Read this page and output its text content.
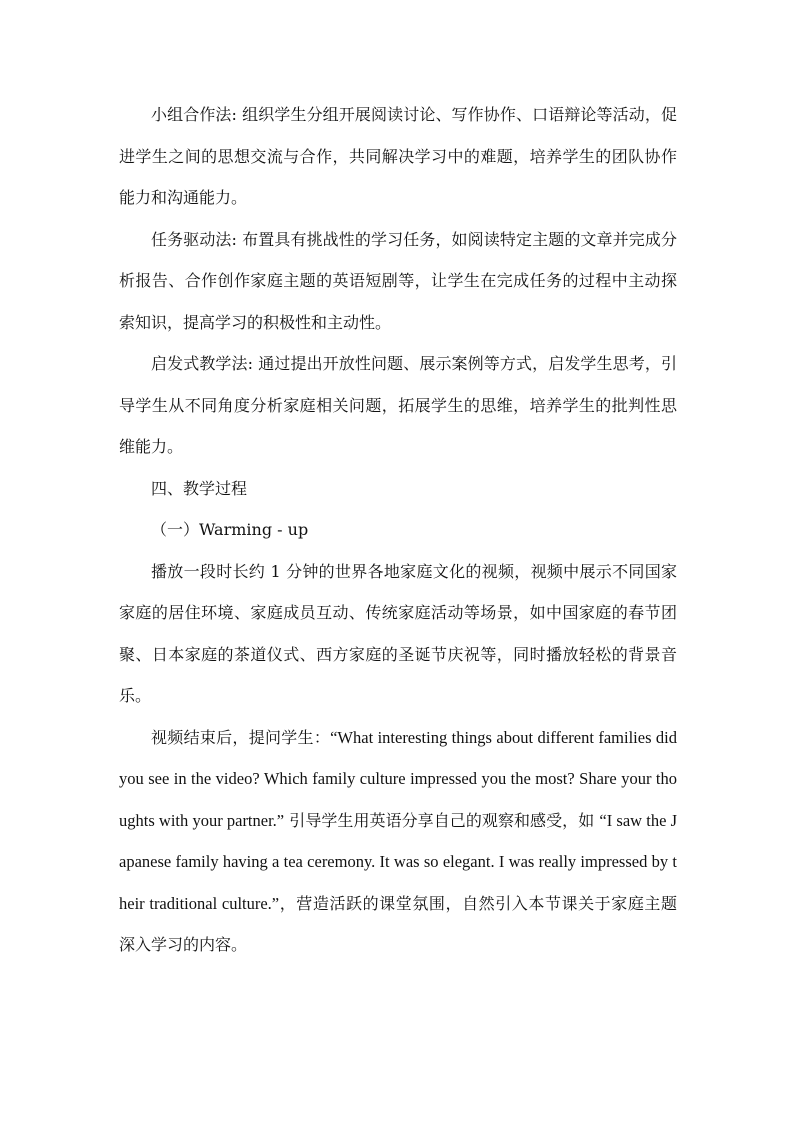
小组合作法: 组织学生分组开展阅读讨论、写作协作、口语辩论等活动，促进学生之间的思想交流与合作，共同解决学习中的难题，培养学生的团队协作能力和沟通能力。

任务驱动法: 布置具有挑战性的学习任务，如阅读特定主题的文章并完成分析报告、合作创作家庭主题的英语短剧等，让学生在完成任务的过程中主动探索知识，提高学习的积极性和主动性。

启发式教学法: 通过提出开放性问题、展示案例等方式，启发学生思考，引导学生从不同角度分析家庭相关问题，拓展学生的思维，培养学生的批判性思维能力。

四、教学过程

（一）Warming - up

播放一段时长约 1 分钟的世界各地家庭文化的视频，视频中展示不同国家家庭的居住环境、家庭成员互动、传统家庭活动等场景，如中国家庭的春节团聚、日本家庭的茶道仪式、西方家庭的圣诞节庆祝等，同时播放轻松的背景音乐。

视频结束后，提问学生：“What interesting things about different families did you see in the video? Which family culture impressed you the most? Share your thoughts with your partner.” 引导学生用英语分享自己的观察和感受，如 “I saw the Japanese family having a tea ceremony. It was so elegant. I was really impressed by their traditional culture.”，营造活跃的课堂氛围，自然引入本节课关于家庭主题深入学习的内容。
